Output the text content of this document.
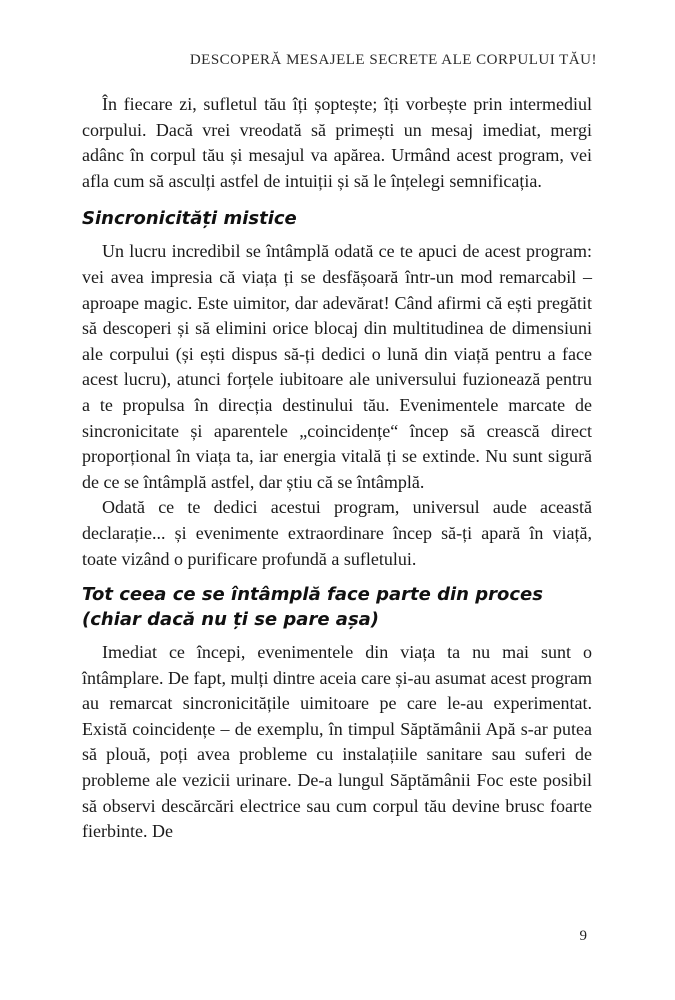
DESCOPERĂ MESAJELE SECRETE ALE CORPULUI TĂU!

În fiecare zi, sufletul tău îți șoptește; îți vorbește prin intermediul corpului. Dacă vrei vreodată să primești un mesaj imediat, mergi adânc în corpul tău și mesajul va apărea. Urmând acest program, vei afla cum să asculți astfel de intuiții și să le înțelegi semnificația.

Sincronicități mistice

Un lucru incredibil se întâmplă odată ce te apuci de acest program: vei avea impresia că viața ți se desfășoară într-un mod remarcabil – aproape magic. Este uimitor, dar adevărat! Când afirmi că ești pregătit să descoperi și să elimini orice blocaj din multitudinea de dimensiuni ale corpului (și ești dispus să-ți dedici o lună din viață pentru a face acest lucru), atunci forțele iubitoare ale universului fuzionează pentru a te propulsa în direcția destinului tău. Evenimentele marcate de sincronicitate și aparentele „coincidențe“ încep să crească direct proporțional în viața ta, iar energia vitală ți se extinde. Nu sunt sigură de ce se întâmplă astfel, dar știu că se întâmplă.

Odată ce te dedici acestui program, universul aude această declarație... și evenimente extraordinare încep să-ți apară în viață, toate vizând o purificare profundă a sufletului.

Tot ceea ce se întâmplă face parte din proces (chiar dacă nu ți se pare așa)

Imediat ce începi, evenimentele din viața ta nu mai sunt o întâmplare. De fapt, mulți dintre aceia care și-au asumat acest program au remarcat sincronicitățile uimitoare pe care le-au experimentat. Există coincidențe – de exemplu, în timpul Săptămânii Apă s-ar putea să plouă, poți avea probleme cu instalațiile sanitare sau suferi de probleme ale vezicii urinare. De-a lungul Săptămânii Foc este posibil să observi descărcări electrice sau cum corpul tău devine brusc foarte fierbinte. De

9
